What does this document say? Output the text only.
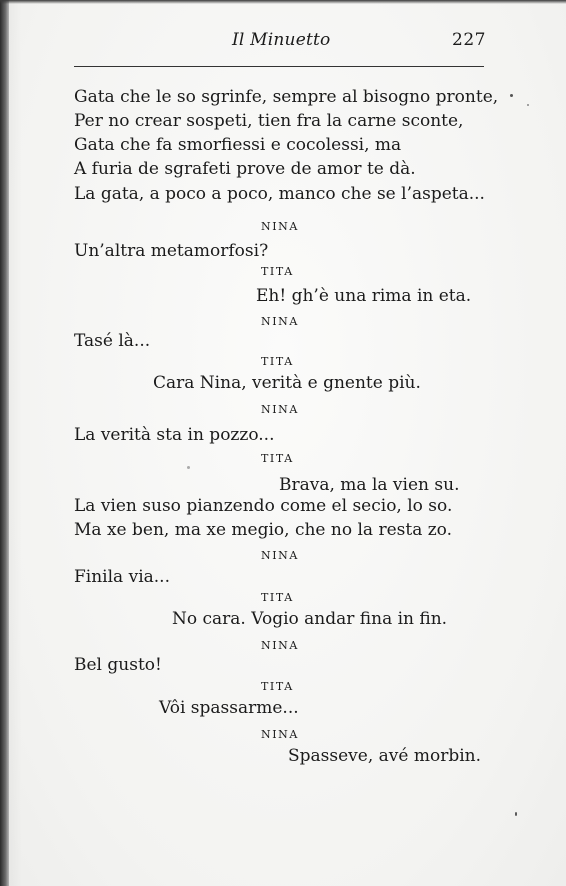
Il Minuetto	227
Gata che le so sgrinfe, sempre al bisogno pronte,
Per no crear sospeti, tien fra la carne sconte,
Gata che fa smorfiessi e cocolessi, ma
A furia de sgrafeti prove de amor te dà.
La gata, a poco a poco, manco che se l’aspeta...
NINA
Un’altra metamorfosi?
TITA
Eh! gh’è una rima in eta.
NINA
Tasé là...
TITA
Cara Nina, verità e gnente più.
NINA
La verità sta in pozzo...
TITA
Brava, ma la vien su.
La vien suso pianzendo come el secio, lo so.
Ma xe ben, ma xe megio, che no la resta zo.
NINA
Finila via...
TITA
No cara. Vogio andar fina in fin.
NINA
Bel gusto!
TITA
Vôi spassarme...
NINA
Spasseve, avé morbin.
